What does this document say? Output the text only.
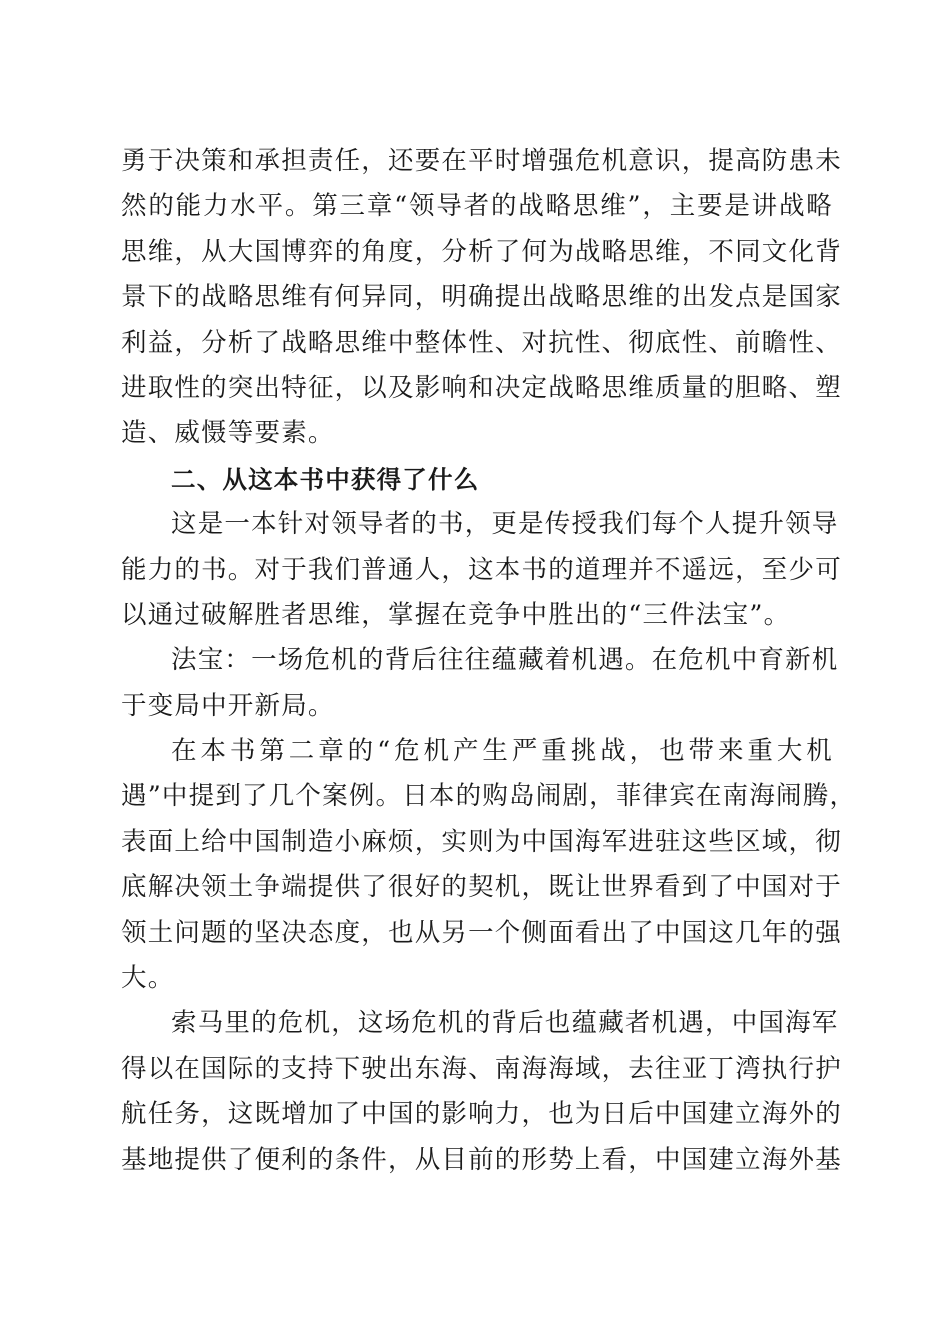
勇于决策和承担责任，还要在平时增强危机意识，提高防患未
然的能力水平。第三章“领导者的战略思维”，主要是讲战略
思维，从大国博弈的角度，分析了何为战略思维，不同文化背
景下的战略思维有何异同，明确提出战略思维的出发点是国家
利益，分析了战略思维中整体性、对抗性、彻底性、前瞻性、
进取性的突出特征，以及影响和决定战略思维质量的胆略、塑
造、威慑等要素。
二、从这本书中获得了什么
这是一本针对领导者的书，更是传授我们每个人提升领导
能力的书。对于我们普通人，这本书的道理并不遥远，至少可
以通过破解胜者思维，掌握在竞争中胜出的“三件法宝”。
法宝：一场危机的背后往往蕴藏着机遇。在危机中育新机
于变局中开新局。
在本书第二章的“危机产生严重挑战，也带来重大机
遇”中提到了几个案例。日本的购岛闹剧，菲律宾在南海闹腾，
表面上给中国制造小麻烦，实则为中国海军进驻这些区域，彻
底解决领土争端提供了很好的契机，既让世界看到了中国对于
领土问题的坚决态度，也从另一个侧面看出了中国这几年的强
大。
索马里的危机，这场危机的背后也蕴藏者机遇，中国海军
得以在国际的支持下驶出东海、南海海域，去往亚丁湾执行护
航任务，这既增加了中国的影响力，也为日后中国建立海外的
基地提供了便利的条件，从目前的形势上看，中国建立海外基
